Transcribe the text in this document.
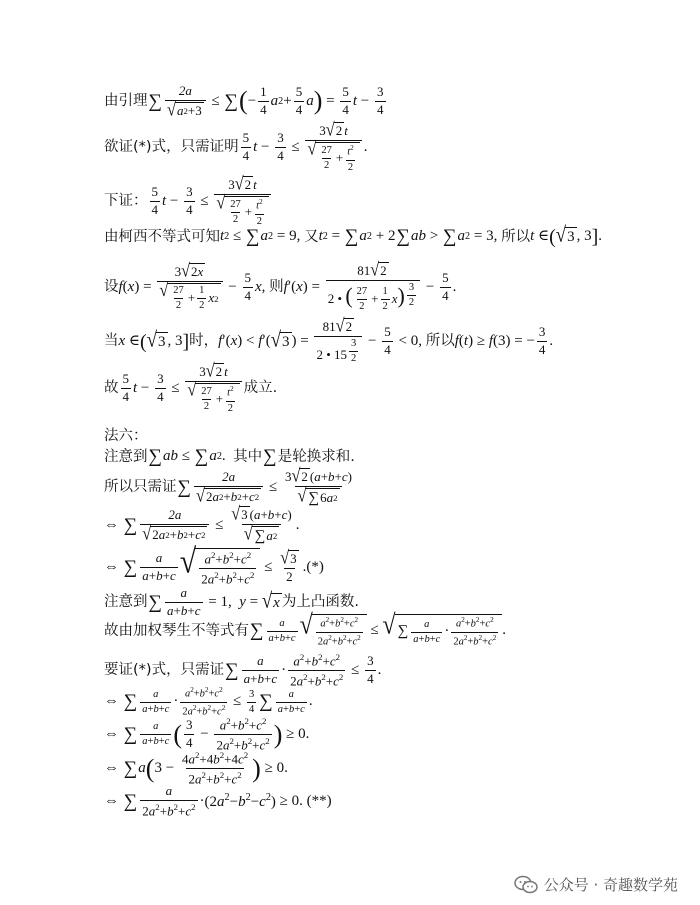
由引理 ∑ $\frac{2a}{√ a 2 +3}$ ≤ ∑ ( − $\frac{1}{4}$ a $2 + \frac{5}{4}$ a ) = $\frac{5}{4}$ $t - \frac{3}{4}$
欲证(*)式，只需证明 $\frac{5}{4}$ $t - \frac{3}{4} \le \frac{3 √ 2 t}{√ \frac{27}{2} + \frac{t^2}{2}}$ .
下证： $\frac{5}{4}$ $t - \frac{3}{4} \le \frac{3 √ 2 t}{√ \frac{27}{2} + \frac{t^2}{2}}$
由柯西不等式可知 t 2 ≤ ∑ a 2 = 9, 又 t 2 = ∑ a 2 + 2 ∑ ab > ∑ a 2 = 3, 所以 t ∈ ( √ 3 , 3 ] .
设 f ( x ) = $\frac{3 √ 2 x}{√ \frac{27}{2} + \frac{1}{2} x 2} - \frac{5}{4}$ x , 则 f ′( x ) = 81 √ 2
2 • ( $\frac{27}{2} + \frac{1}{2} x$) $^{\frac{3}{2}} - \frac{5}{4}$ .
当 x ∈ ( √ 3 , 3 ] 时， f ′( x ) < f ′( √ 3 ) = 81 √ 2
2 • 15 $^{\frac{3}{2}} - \frac{5}{4} < 0$, 所以 f ( t ) ≥ f (3) = − $\frac{3}{4}$ .
故 $\frac{5}{4}$ $t - \frac{3}{4} \le \frac{3 √ 2 t}{√ \frac{27}{2} + \frac{t^2}{2}}$ 成立.
法六：
注意到 ∑ ab ≤ ∑ a 2 . 其中 ∑ 是轮换求和.
所以只需证 ∑ $\frac{2a}{√ 2 a 2 + b 2 + c 2} \le \frac{3 √ 2 (a+b+c)}{√ \sum 6 a 2}$
⇔ ∑ $\frac{2a}{√ 2 a 2 + b 2 + c 2} \le \frac{√ 3 (a+b+c)}{√ \sum a 2}$ .
⇔ ∑ $\frac{a}{a+b+c}$ √ $\frac{a^2+b^2+c^2}{2a^2+b^2+c^2} \le \frac{√ 3}{2}$ .(*)
注意到 ∑ $\frac{a}{a+b+c} = 1$, y = √ x 为上凸函数.
故由加权琴生不等式有 ∑ $\frac{a}{a+b+c}$ √ $\frac{a^2+b^2+c^2}{2a^2+b^2+c^2}$ ≤ √ ∑ $\frac{a}{a+b+c} \cdot \frac{a^2+b^2+c^2}{2a^2+b^2+c^2}$ .
要证(*)式，只需证 ∑ $\frac{a}{a+b+c} \cdot \frac{a^2+b^2+c^2}{2a^2+b^2+c^2} \le \frac{3}{4}$ .
⇔ ∑ $\frac{a}{a+b+c} \cdot \frac{a^2+b^2+c^2}{2a^2+b^2+c^2} \le \frac{3}{4}$ ∑ $\frac{a}{a+b+c}$ .
⇔ ∑ $\frac{a}{a+b+c}$ ( $\frac{3}{4} - \frac{a^2+b^2+c^2}{2a^2+b^2+c^2}$ ) ≥ 0.
⇔ ∑ a ( $3 - \frac{4a^2+4b^2+4c^2}{2a^2+b^2+c^2}$ ) ≥ 0.
⇔ ∑ $\frac{a}{2a^2+b^2+c^2} \cdot (2a^2-b^2-c^2) \ge 0$. (**)
公众号 · 奇趣数学苑
